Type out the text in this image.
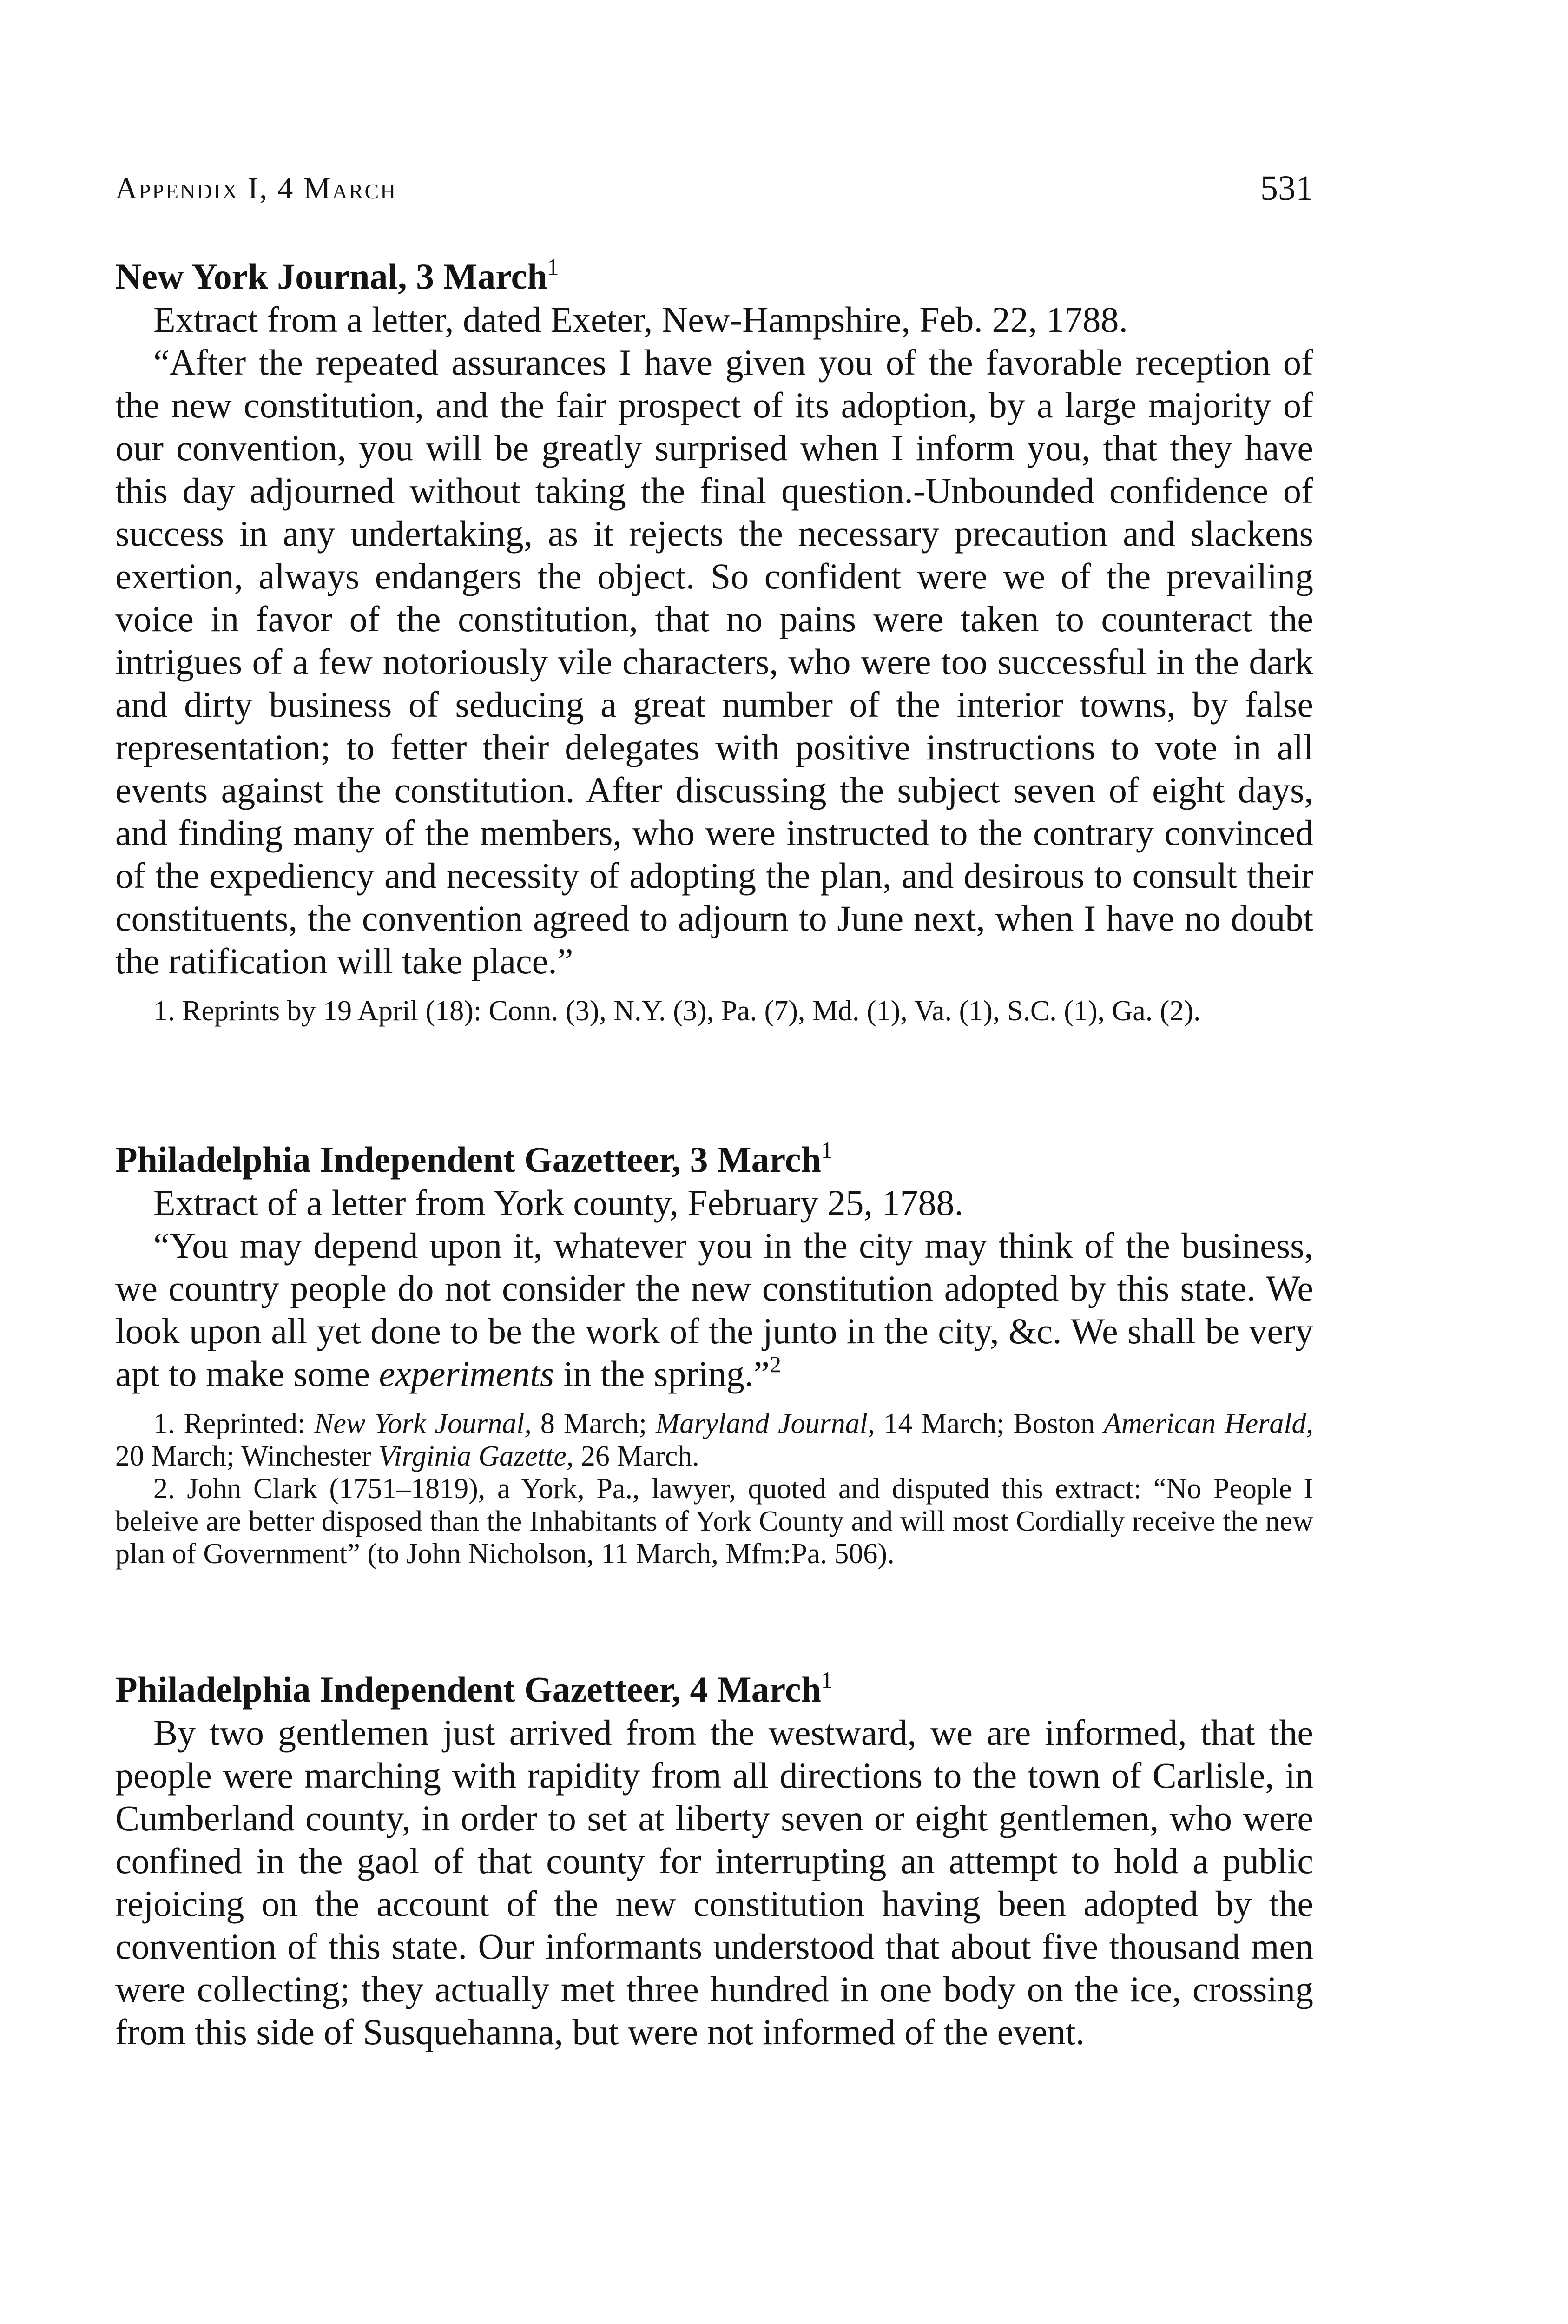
Appendix I, 4 March	531
New York Journal, 3 March$^1$

Extract from a letter, dated Exeter, New-Hampshire, Feb. 22, 1788.

“After the repeated assurances I have given you of the favorable reception of the new constitution, and the fair prospect of its adoption, by a large majority of our convention, you will be greatly surprised when I inform you, that they have this day adjourned without taking the final question.-Unbounded confidence of success in any undertaking, as it rejects the necessary precaution and slackens exertion, always endangers the object. So confident were we of the prevailing voice in favor of the constitution, that no pains were taken to counteract the intrigues of a few notoriously vile characters, who were too successful in the dark and dirty business of seducing a great number of the interior towns, by false representation; to fetter their delegates with positive instructions to vote in all events against the constitution. After discussing the subject seven of eight days, and finding many of the members, who were instructed to the contrary convinced of the expediency and necessity of adopting the plan, and desirous to consult their constituents, the convention agreed to adjourn to June next, when I have no doubt the ratification will take place.”

1. Reprints by 19 April (18): Conn. (3), N.Y. (3), Pa. (7), Md. (1), Va. (1), S.C. (1), Ga. (2).

Philadelphia Independent Gazetteer, 3 March$^1$

Extract of a letter from York county, February 25, 1788.

“You may depend upon it, whatever you in the city may think of the business, we country people do not consider the new constitution adopted by this state. We look upon all yet done to be the work of the junto in the city, &c. We shall be very apt to make some experiments in the spring.”$^2$

1. Reprinted: New York Journal, 8 March; Maryland Journal, 14 March; Boston American Herald, 20 March; Winchester Virginia Gazette, 26 March.

2. John Clark (1751–1819), a York, Pa., lawyer, quoted and disputed this extract: “No People I beleive are better disposed than the Inhabitants of York County and will most Cordially receive the new plan of Government” (to John Nicholson, 11 March, Mfm:Pa. 506).

Philadelphia Independent Gazetteer, 4 March$^1$

By two gentlemen just arrived from the westward, we are informed, that the people were marching with rapidity from all directions to the town of Carlisle, in Cumberland county, in order to set at liberty seven or eight gentlemen, who were confined in the gaol of that county for interrupting an attempt to hold a public rejoicing on the account of the new constitution having been adopted by the convention of this state. Our informants understood that about five thousand men were collecting; they actually met three hundred in one body on the ice, crossing from this side of Susquehanna, but were not informed of the event.
